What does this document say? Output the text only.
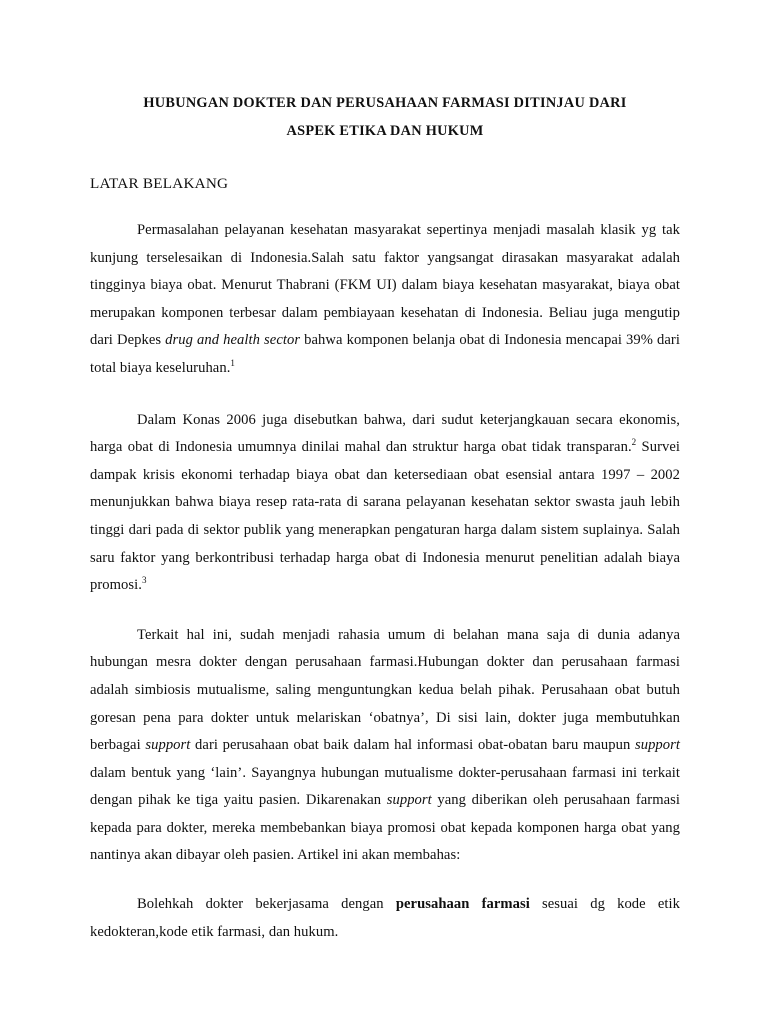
HUBUNGAN DOKTER DAN PERUSAHAAN FARMASI DITINJAU DARI
ASPEK ETIKA DAN HUKUM
LATAR BELAKANG

Permasalahan pelayanan kesehatan masyarakat sepertinya menjadi masalah klasik yg tak kunjung terselesaikan di Indonesia.Salah satu faktor yangsangat dirasakan masyarakat adalah tingginya biaya obat. Menurut Thabrani (FKM UI) dalam biaya kesehatan masyarakat, biaya obat merupakan komponen terbesar dalam pembiayaan kesehatan di Indonesia. Beliau juga mengutip dari Depkes drug and health sector bahwa komponen belanja obat di Indonesia mencapai 39% dari total biaya keseluruhan.$^1$

Dalam Konas 2006 juga disebutkan bahwa, dari sudut keterjangkauan secara ekonomis, harga obat di Indonesia umumnya dinilai mahal dan struktur harga obat tidak transparan.$^2$ Survei dampak krisis ekonomi terhadap biaya obat dan ketersediaan obat esensial antara 1997 – 2002 menunjukkan bahwa biaya resep rata-rata di sarana pelayanan kesehatan sektor swasta jauh lebih tinggi dari pada di sektor publik yang menerapkan pengaturan harga dalam sistem suplainya. Salah saru faktor yang berkontribusi terhadap harga obat di Indonesia menurut penelitian adalah biaya promosi.$^3$

Terkait hal ini, sudah menjadi rahasia umum di belahan mana saja di dunia adanya hubungan mesra dokter dengan perusahaan farmasi.Hubungan dokter dan perusahaan farmasi adalah simbiosis mutualisme, saling menguntungkan kedua belah pihak. Perusahaan obat butuh goresan pena para dokter untuk melariskan ‘obatnya’, Di sisi lain, dokter juga membutuhkan berbagai support dari perusahaan obat baik dalam hal informasi obat-obatan baru maupun support dalam bentuk yang ‘lain’. Sayangnya hubungan mutualisme dokter-perusahaan farmasi ini terkait dengan pihak ke tiga yaitu pasien. Dikarenakan support yang diberikan oleh perusahaan farmasi kepada para dokter, mereka membebankan biaya promosi obat kepada komponen harga obat yang nantinya akan dibayar oleh pasien. Artikel ini akan membahas:

Bolehkah dokter bekerjasama dengan perusahaan farmasi sesuai dg kode etik kedokteran,kode etik farmasi, dan hukum.
